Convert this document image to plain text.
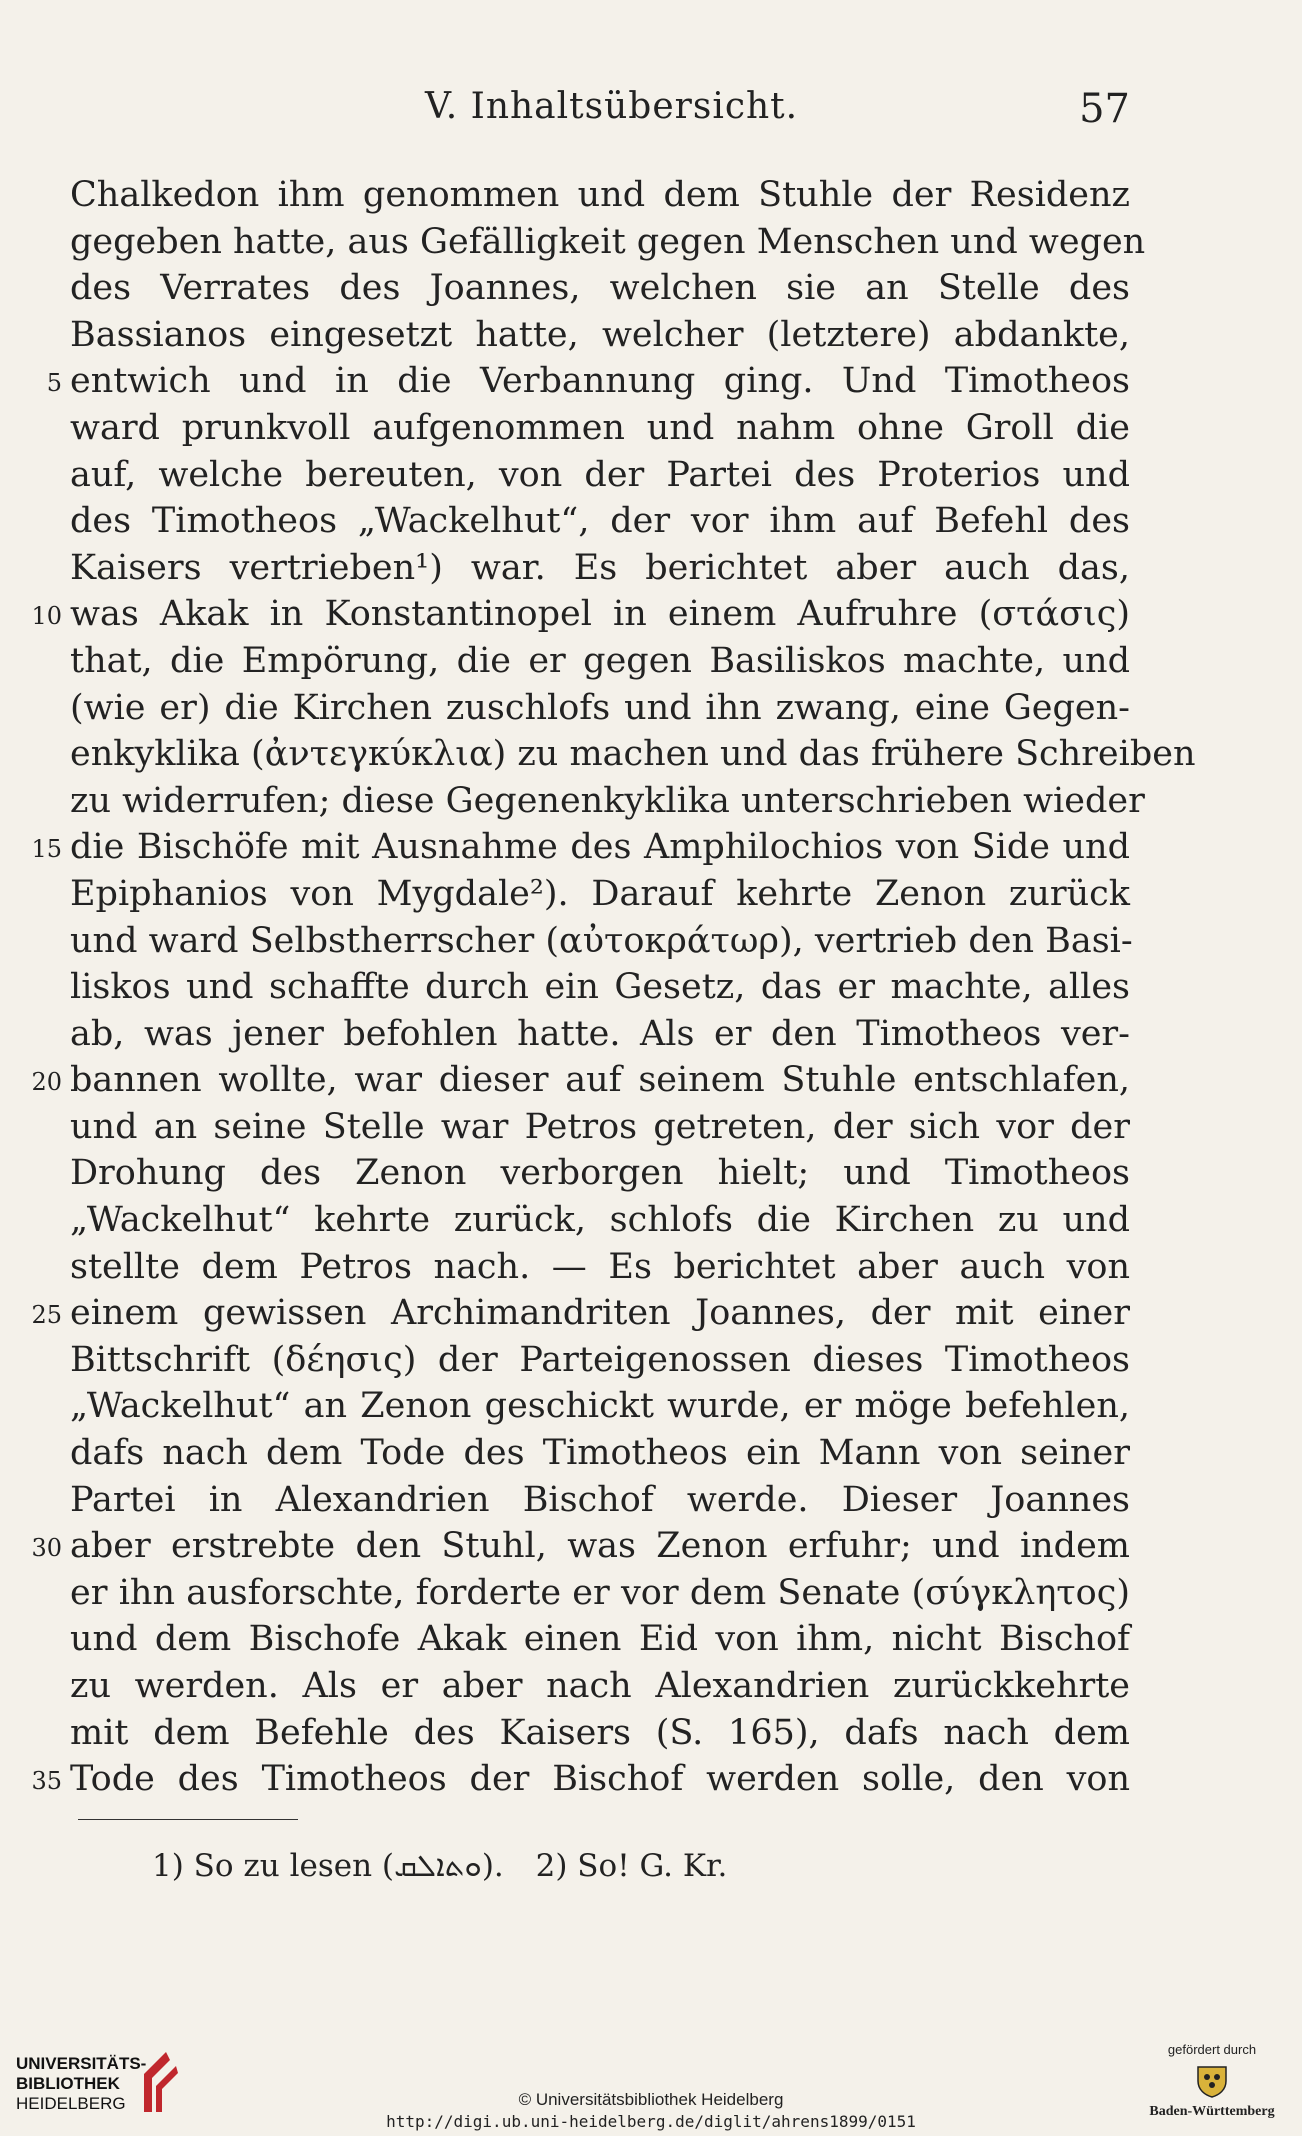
V. Inhaltsübersicht.	57
Chalkedon ihm genommen und dem Stuhle der Residenz
gegeben hatte, aus Gefälligkeit gegen Menschen und wegen
des Verrates des Joannes, welchen sie an Stelle des
Bassianos eingesetzt hatte, welcher (letztere) abdankte,
5 entwich und in die Verbannung ging. Und Timotheos
ward prunkvoll aufgenommen und nahm ohne Groll die
auf, welche bereuten, von der Partei des Proterios und
des Timotheos „Wackelhut“, der vor ihm auf Befehl des
Kaisers vertrieben¹) war. Es berichtet aber auch das,
10 was Akak in Konstantinopel in einem Aufruhre (στάσις)
that, die Empörung, die er gegen Basiliskos machte, und
(wie er) die Kirchen zuschlofs und ihn zwang, eine Gegen-
enkyklika (ἀντεγκύκλια) zu machen und das frühere Schreiben
zu widerrufen; diese Gegenenkyklika unterschrieben wieder
15 die Bischöfe mit Ausnahme des Amphilochios von Side und
Epiphanios von Mygdale²). Darauf kehrte Zenon zurück
und ward Selbstherrscher (αὐτοκράτωρ), vertrieb den Basi-
liskos und schaffte durch ein Gesetz, das er machte, alles
ab, was jener befohlen hatte. Als er den Timotheos ver-
20 bannen wollte, war dieser auf seinem Stuhle entschlafen,
und an seine Stelle war Petros getreten, der sich vor der
Drohung des Zenon verborgen hielt; und Timotheos
„Wackelhut“ kehrte zurück, schlofs die Kirchen zu und
stellte dem Petros nach. — Es berichtet aber auch von
25 einem gewissen Archimandriten Joannes, der mit einer
Bittschrift (δέησις) der Parteigenossen dieses Timotheos
„Wackelhut“ an Zenon geschickt wurde, er möge befehlen,
dafs nach dem Tode des Timotheos ein Mann von seiner
Partei in Alexandrien Bischof werde. Dieser Joannes
30 aber erstrebte den Stuhl, was Zenon erfuhr; und indem
er ihn ausforschte, forderte er vor dem Senate (σύγκλητος)
und dem Bischofe Akak einen Eid von ihm, nicht Bischof
zu werden. Als er aber nach Alexandrien zurückkehrte
mit dem Befehle des Kaisers (S. 165), dafs nach dem
35 Tode des Timotheos der Bischof werden solle, den von
1) So zu lesen (ܘܬܐܠܩ). 2) So! G. Kr.
UNIVERSITÄTS-
BIBLIOTHEK
HEIDELBERG	© Universitätsbibliothek Heidelberg
http://digi.ub.uni-heidelberg.de/diglit/ahrens1899/0151
gefördert durch
Baden-Württemberg
